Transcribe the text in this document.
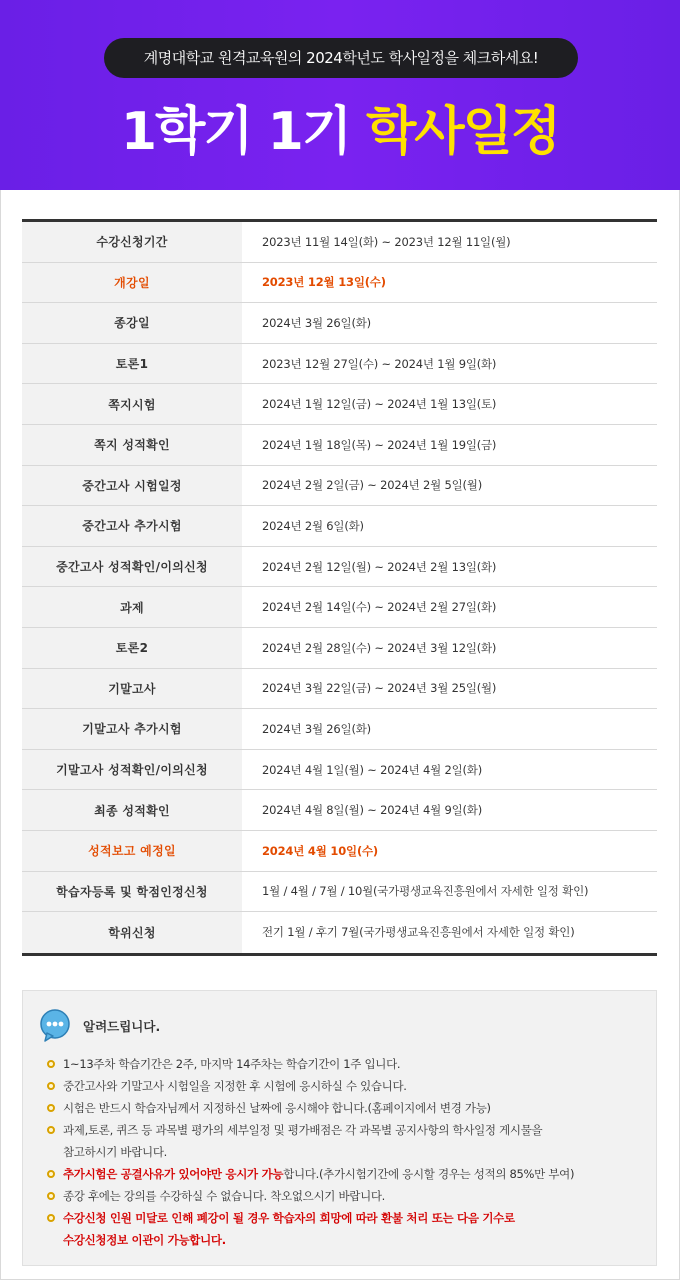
계명대학교 원격교육원의 2024학년도 학사일정을 체크하세요!
1학기 1기 학사일정
수강신청기간	2023년 11월 14일(화) ~ 2023년 12월 11일(월)
개강일	2023년 12월 13일(수)
종강일	2024년 3월 26일(화)
토론1	2023년 12월 27일(수) ~ 2024년 1월 9일(화)
쪽지시험	2024년 1월 12일(금) ~ 2024년 1월 13일(토)
쪽지 성적확인	2024년 1월 18일(목) ~ 2024년 1월 19일(금)
중간고사 시험일정	2024년 2월 2일(금) ~ 2024년 2월 5일(월)
중간고사 추가시험	2024년 2월 6일(화)
중간고사 성적확인/이의신청	2024년 2월 12일(월) ~ 2024년 2월 13일(화)
과제	2024년 2월 14일(수) ~ 2024년 2월 27일(화)
토론2	2024년 2월 28일(수) ~ 2024년 3월 12일(화)
기말고사	2024년 3월 22일(금) ~ 2024년 3월 25일(월)
기말고사 추가시험	2024년 3월 26일(화)
기말고사 성적확인/이의신청	2024년 4월 1일(월) ~ 2024년 4월 2일(화)
최종 성적확인	2024년 4월 8일(월) ~ 2024년 4월 9일(화)
성적보고 예정일	2024년 4월 10일(수)
학습자등록 및 학점인정신청	1월 / 4월 / 7월 / 10월(국가평생교육진흥원에서 자세한 일정 확인)
학위신청	전기 1월 / 후기 7월(국가평생교육진흥원에서 자세한 일정 확인)
알려드립니다.
1~13주차 학습기간은 2주, 마지막 14주차는 학습기간이 1주 입니다.
중간고사와 기말고사 시험일을 지정한 후 시험에 응시하실 수 있습니다.
시험은 반드시 학습자님께서 지정하신 날짜에 응시해야 합니다.(홈페이지에서 변경 가능)
과제,토론, 퀴즈 등 과목별 평가의 세부일정 및 평가배점은 각 과목별 공지사항의 학사일정 게시물을
참고하시기 바랍니다.
추가시험은 공결사유가 있어야만 응시가 가능합니다.(추가시험기간에 응시할 경우는 성적의 85%만 부여)
종강 후에는 강의를 수강하실 수 없습니다. 착오없으시기 바랍니다.
수강신청 인원 미달로 인해 폐강이 될 경우 학습자의 희망에 따라 환불 처리 또는 다음 기수로
수강신청정보 이관이 가능합니다.
